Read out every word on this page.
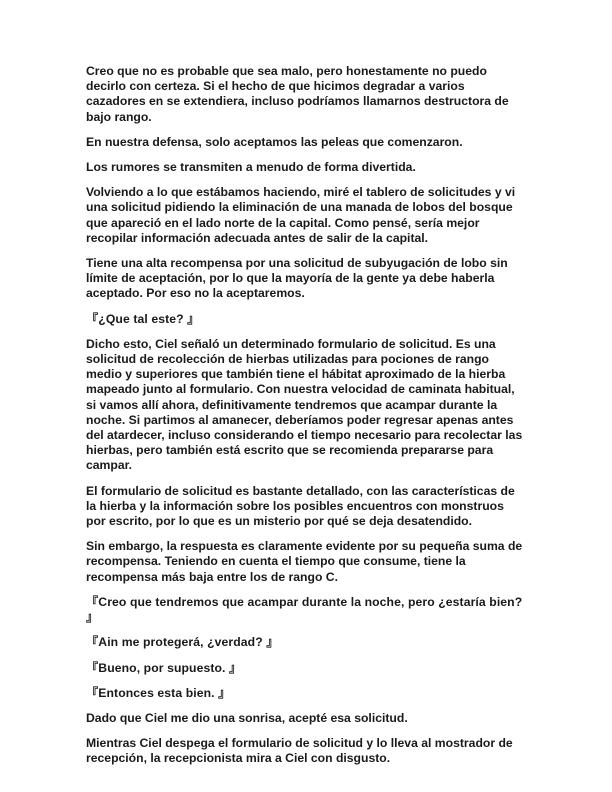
Creo que no es probable que sea malo, pero honestamente no puedo decirlo con certeza. Si el hecho de que hicimos degradar a varios cazadores en se extendiera, incluso podríamos llamarnos destructora de bajo rango.

En nuestra defensa, solo aceptamos las peleas que comenzaron.

Los rumores se transmiten a menudo de forma divertida.

Volviendo a lo que estábamos haciendo, miré el tablero de solicitudes y vi una solicitud pidiendo la eliminación de una manada de lobos del bosque que apareció en el lado norte de la capital. Como pensé, sería mejor recopilar información adecuada antes de salir de la capital.

Tiene una alta recompensa por una solicitud de subyugación de lobo sin límite de aceptación, por lo que la mayoría de la gente ya debe haberla aceptado. Por eso no la aceptaremos.

『¿Que tal este? 』

Dicho esto, Ciel señaló un determinado formulario de solicitud. Es una solicitud de recolección de hierbas utilizadas para pociones de rango medio y superiores que también tiene el hábitat aproximado de la hierba mapeado junto al formulario. Con nuestra velocidad de caminata habitual, si vamos allí ahora, definitivamente tendremos que acampar durante la noche. Si partimos al amanecer, deberíamos poder regresar apenas antes del atardecer, incluso considerando el tiempo necesario para recolectar las hierbas, pero también está escrito que se recomienda prepararse para campar.

El formulario de solicitud es bastante detallado, con las características de la hierba y la información sobre los posibles encuentros con monstruos por escrito, por lo que es un misterio por qué se deja desatendido.

Sin embargo, la respuesta es claramente evidente por su pequeña suma de recompensa. Teniendo en cuenta el tiempo que consume, tiene la recompensa más baja entre los de rango C.

『Creo que tendremos que acampar durante la noche, pero ¿estaría bien? 』

『Ain me protegerá, ¿verdad? 』

『Bueno, por supuesto. 』

『Entonces esta bien. 』

Dado que Ciel me dio una sonrisa, acepté esa solicitud.

Mientras Ciel despega el formulario de solicitud y lo lleva al mostrador de recepción, la recepcionista mira a Ciel con disgusto.
